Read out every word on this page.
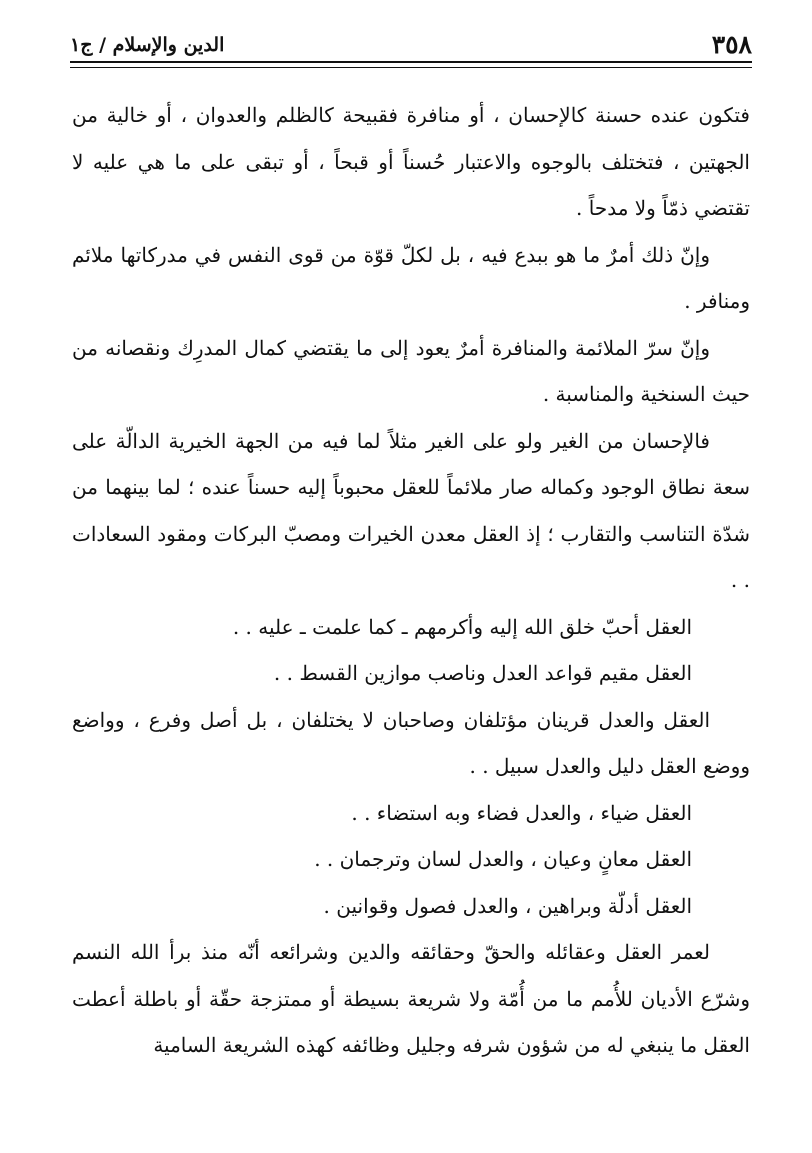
٣٥٨
الدين والإسلام / ج١

فتكون عنده حسنة كالإحسان ، أو منافرة فقبيحة كالظلم والعدوان ، أو خالية من الجهتين ، فتختلف بالوجوه والاعتبار حُسناً أو قبحاً ، أو تبقى على ما هي عليه لا تقتضي ذمّاً ولا مدحاً .

وإنّ ذلك أمرٌ ما هو ببدع فيه ، بل لكلّ قوّة من قوى النفس في مدركاتها ملائم ومنافر .

وإنّ سرّ الملائمة والمنافرة أمرٌ يعود إلى ما يقتضي كمال المدرِك ونقصانه من حيث السنخية والمناسبة .

فالإحسان من الغير ولو على الغير مثلاً لما فيه من الجهة الخيرية الدالّة على سعة نطاق الوجود وكماله صار ملائماً للعقل محبوباً إليه حسناً عنده ؛ لما بينهما من شدّة التناسب والتقارب ؛ إذ العقل معدن الخيرات ومصبّ البركات ومقود السعادات . .

العقل أحبّ خلق الله إليه وأكرمهم ـ كما علمت ـ عليه . .

العقل مقيم قواعد العدل وناصب موازين القسط . .

العقل والعدل قرينان مؤتلفان وصاحبان لا يختلفان ، بل أصل وفرع ، وواضع ووضع العقل دليل والعدل سبيل . .

العقل ضياء ، والعدل فضاء وبه استضاء . .

العقل معانٍ وعيان ، والعدل لسان وترجمان . .

العقل أدلّة وبراهين ، والعدل فصول وقوانين .

لعمر العقل وعقائله والحقّ وحقائقه والدين وشرائعه أنّه منذ برأ الله النسم وشرّع الأديان للأُمم ما من أُمّة ولا شريعة بسيطة أو ممتزجة حقّة أو باطلة أعطت العقل ما ينبغي له من شؤون شرفه وجليل وظائفه كهذه الشريعة السامية
